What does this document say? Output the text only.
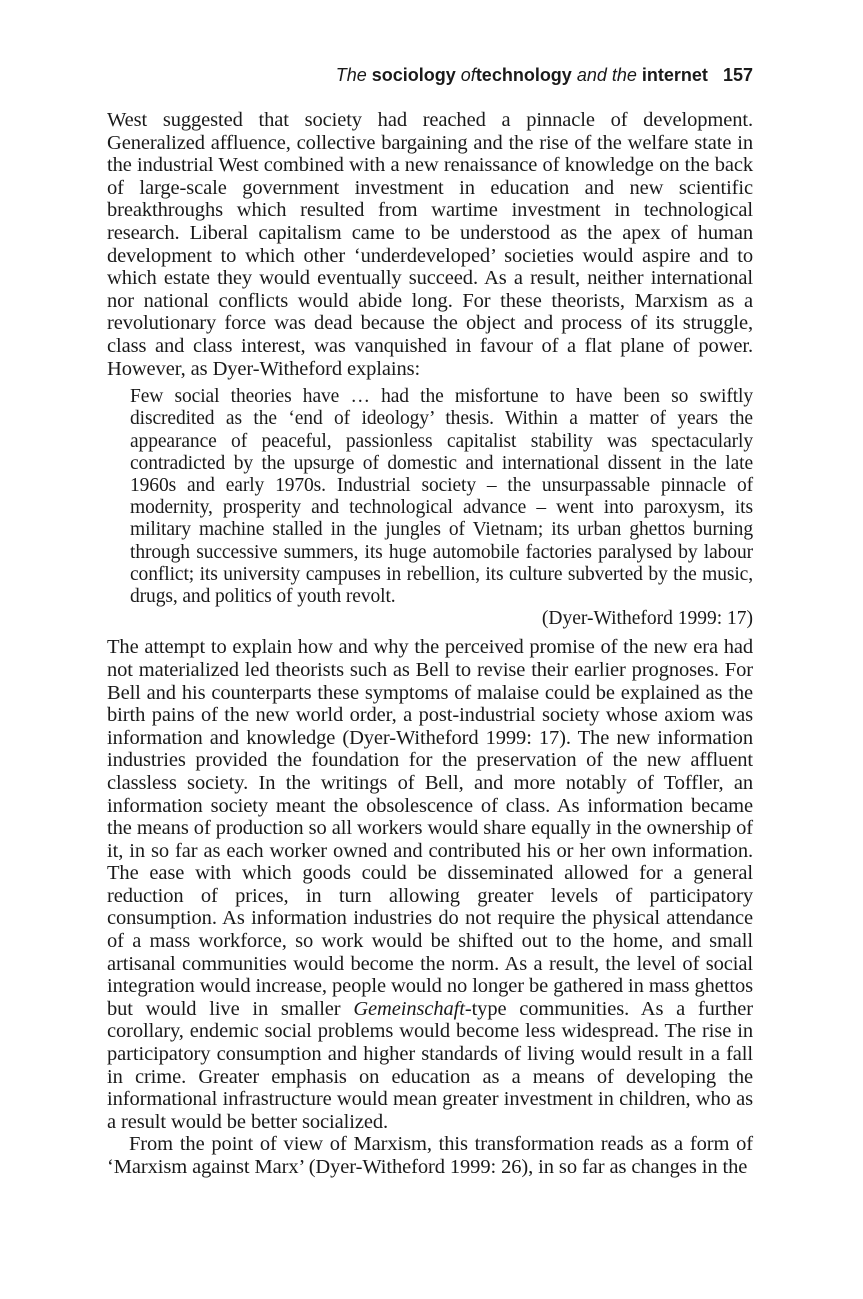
The sociology oftechnology and the internet 157

West suggested that society had reached a pinnacle of development. Generalized affluence, collective bargaining and the rise of the welfare state in the industrial West combined with a new renaissance of knowledge on the back of large-scale government investment in education and new scientific breakthroughs which resulted from wartime investment in technological research. Liberal capitalism came to be understood as the apex of human development to which other ‘underdeveloped’ societies would aspire and to which estate they would eventually succeed. As a result, neither international nor national conflicts would abide long. For these theorists, Marxism as a revolutionary force was dead because the object and process of its struggle, class and class interest, was vanquished in favour of a flat plane of power. However, as Dyer-Witheford explains:

Few social theories have … had the misfortune to have been so swiftly discredited as the ‘end of ideology’ thesis. Within a matter of years the appearance of peaceful, passionless capitalist stability was spectacularly contradicted by the upsurge of domestic and international dissent in the late 1960s and early 1970s. Industrial society – the unsurpassable pinnacle of modernity, prosperity and technological advance – went into paroxysm, its military machine stalled in the jungles of Vietnam; its urban ghettos burning through successive summers, its huge automobile factories paralysed by labour conflict; its university campuses in rebellion, its culture subverted by the music, drugs, and politics of youth revolt.

(Dyer-Witheford 1999: 17)

The attempt to explain how and why the perceived promise of the new era had not materialized led theorists such as Bell to revise their earlier prognoses. For Bell and his counterparts these symptoms of malaise could be explained as the birth pains of the new world order, a post-industrial society whose axiom was information and knowledge (Dyer-Witheford 1999: 17). The new information industries provided the foundation for the preservation of the new affluent classless society. In the writings of Bell, and more notably of Toffler, an information society meant the obsolescence of class. As information became the means of production so all workers would share equally in the ownership of it, in so far as each worker owned and contributed his or her own information. The ease with which goods could be disseminated allowed for a general reduction of prices, in turn allowing greater levels of participatory consumption. As information industries do not require the physical attendance of a mass workforce, so work would be shifted out to the home, and small artisanal communities would become the norm. As a result, the level of social integration would increase, people would no longer be gathered in mass ghettos but would live in smaller Gemeinschaft-type communities. As a further corollary, endemic social problems would become less widespread. The rise in participatory consumption and higher standards of living would result in a fall in crime. Greater emphasis on education as a means of developing the informational infrastructure would mean greater investment in children, who as a result would be better socialized.

From the point of view of Marxism, this transformation reads as a form of ‘Marxism against Marx’ (Dyer-Witheford 1999: 26), in so far as changes in the
